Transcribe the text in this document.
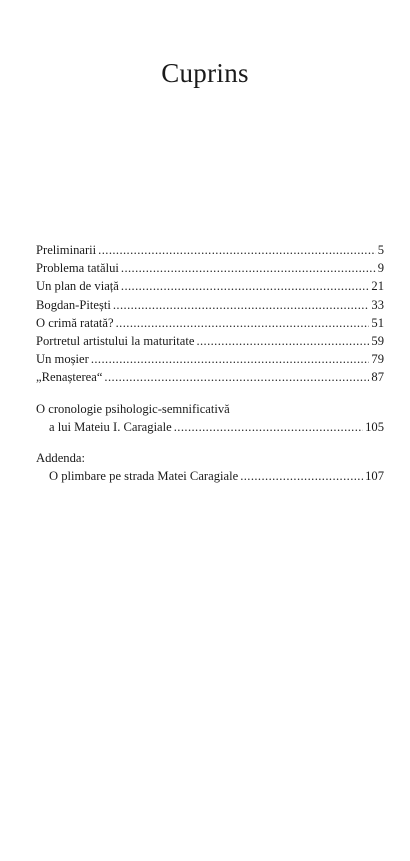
Cuprins
Preliminarii .....	5
Problema tatălui .....	9
Un plan de viață .....	21
Bogdan-Pitești .....	33
O crimă ratată? .....	51
Portretul artistului la maturitate .....	59
Un moșier .....	79
„Renașterea“ .....	87
O cronologie psihologic-semnificativă
a lui Mateiu I. Caragiale .....	105
Addenda:
O plimbare pe strada Matei Caragiale .....	107
